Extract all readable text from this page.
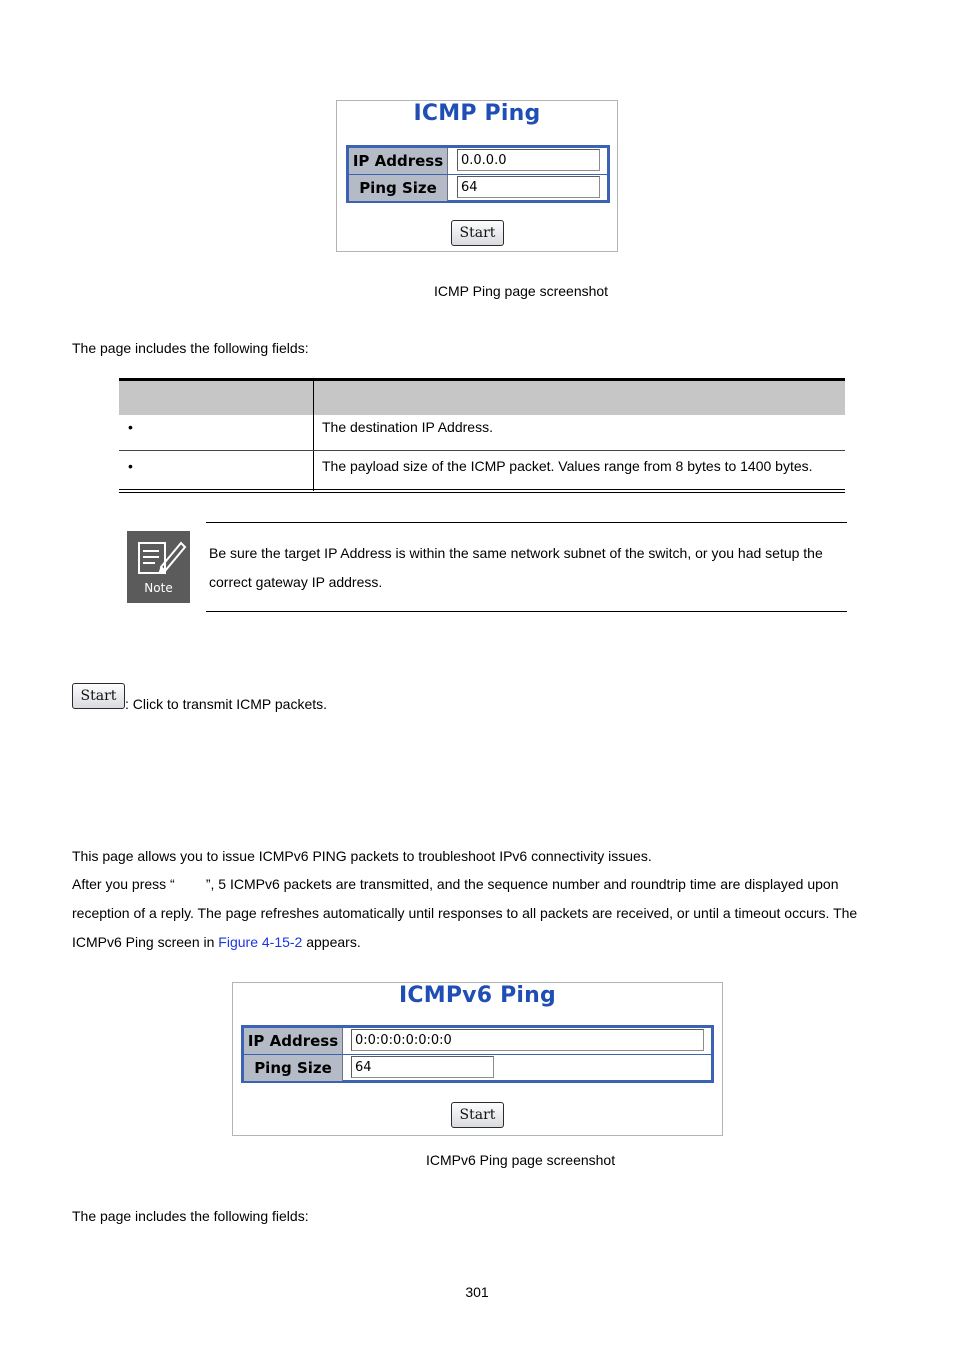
ICMP Ping
IP Address
0.0.0.0
Ping Size
64
Start
ICMP Ping page screenshot
The page includes the following fields:
•	The destination IP Address.
•	The payload size of the ICMP packet. Values range from 8 bytes to 1400 bytes.
Note
Be sure the target IP Address is within the same network subnet of the switch, or you had setup the
correct gateway IP address.
Start : Click to transmit ICMP packets.
This page allows you to issue ICMPv6 PING packets to troubleshoot IPv6 connectivity issues.
After you press “        ”, 5 ICMPv6 packets are transmitted, and the sequence number and roundtrip time are displayed upon
reception of a reply. The page refreshes automatically until responses to all packets are received, or until a timeout occurs. The
ICMPv6 Ping screen in Figure 4-15-2 appears.
ICMPv6 Ping
IP Address
0:0:0:0:0:0:0:0
Ping Size
64
Start
ICMPv6 Ping page screenshot
The page includes the following fields:
301
